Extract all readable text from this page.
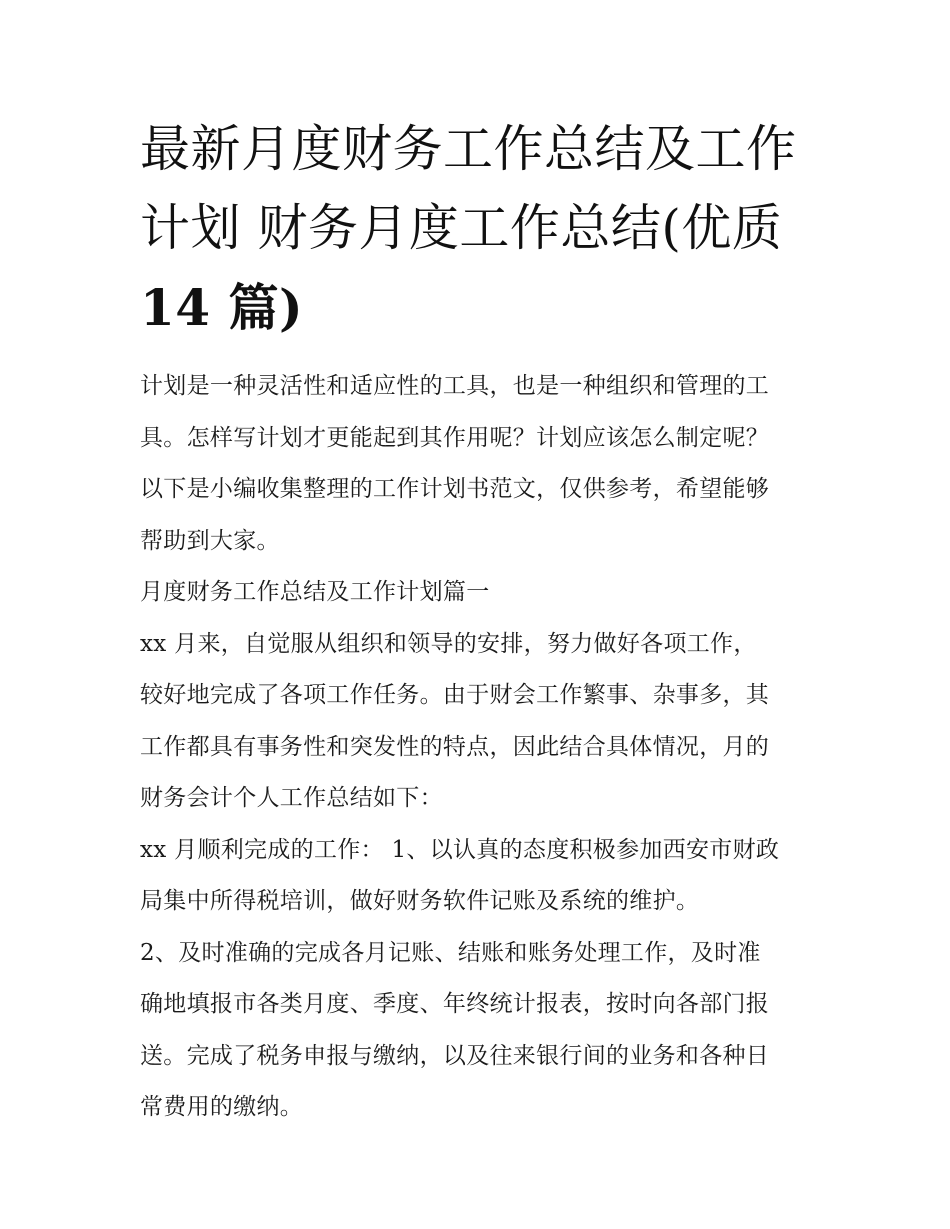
最新月度财务工作总结及工作
计划 财务月度工作总结(优质
14 篇)

计划是一种灵活性和适应性的工具，也是一种组织和管理的工
具。怎样写计划才更能起到其作用呢？计划应该怎么制定呢？
以下是小编收集整理的工作计划书范文，仅供参考，希望能够
帮助到大家。

月度财务工作总结及工作计划篇一

xx 月来，自觉服从组织和领导的安排，努力做好各项工作，
较好地完成了各项工作任务。由于财会工作繁事、杂事多，其
工作都具有事务性和突发性的特点，因此结合具体情况，月的
财务会计个人工作总结如下：

xx 月顺利完成的工作： 1、以认真的态度积极参加西安市财政
局集中所得税培训，做好财务软件记账及系统的维护。

2、及时准确的完成各月记账、结账和账务处理工作，及时准
确地填报市各类月度、季度、年终统计报表，按时向各部门报
送。完成了税务申报与缴纳，以及往来银行间的业务和各种日
常费用的缴纳。
